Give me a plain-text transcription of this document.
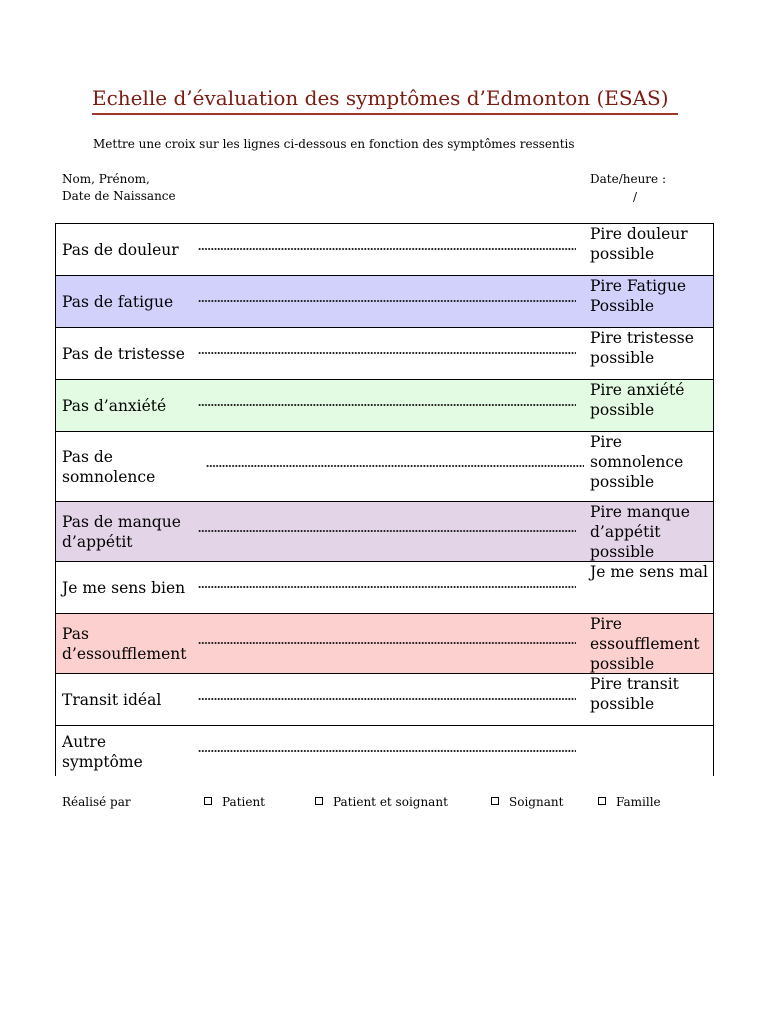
Echelle d’évaluation des symptômes d’Edmonton (ESAS)
Mettre une croix sur les lignes ci-dessous en fonction des symptômes ressentis
Nom, Prénom,
Date de Naissance
Date/heure :
/
Pas de douleur
Pire douleur possible
Pas de fatigue
Pire Fatigue Possible
Pas de tristesse
Pire tristesse possible
Pas d’anxiété
Pire anxiété possible
Pas de somnolence
Pire somnolence possible
Pas de manque d’appétit
Pire manque d’appétit possible
Je me sens bien
Je me sens mal
Pas d’essoufflement
Pire essoufflement possible
Transit idéal
Pire transit possible
Autre symptôme
Réalisé par	Patient	Patient et soignant	Soignant	Famille
